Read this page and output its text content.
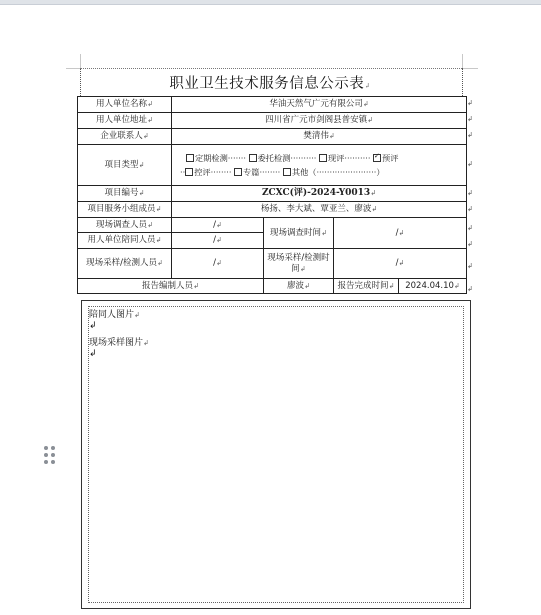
职业卫生技术服务信息公示表↲
用人单位名称↲	华油天然气广元有限公司↲			
用人单位地址↲	四川省广元市剑阁县普安镇↲			
企业联系人↲	樊清伟↲			
项目类型↲	定期检测······· 委托检测·········· 现评·········· ✓预评
·· 控评········ 专篇········ 其他（·······················）

项目编号↲	ZCXC(评)-2024-Y0013↲			
项目服务小组成员↲	杨扬、李大斌、覃亚兰、廖波↲			
现场调查人员↲	/↲	现场调查时间↲	/↲	
用人单位陪同人员↲	/↲			
现场采样/检测人员↲	/↲	现场采样/检测时间↲	/↲	
报告编制人员↲		廖波↲	报告完成时间↲	2024.04.10↲
↲
↲
↲
↲
↲
↲
↲
↲
↲
↲
陪同人图片↲
↲
现场采样图片↲
↲
